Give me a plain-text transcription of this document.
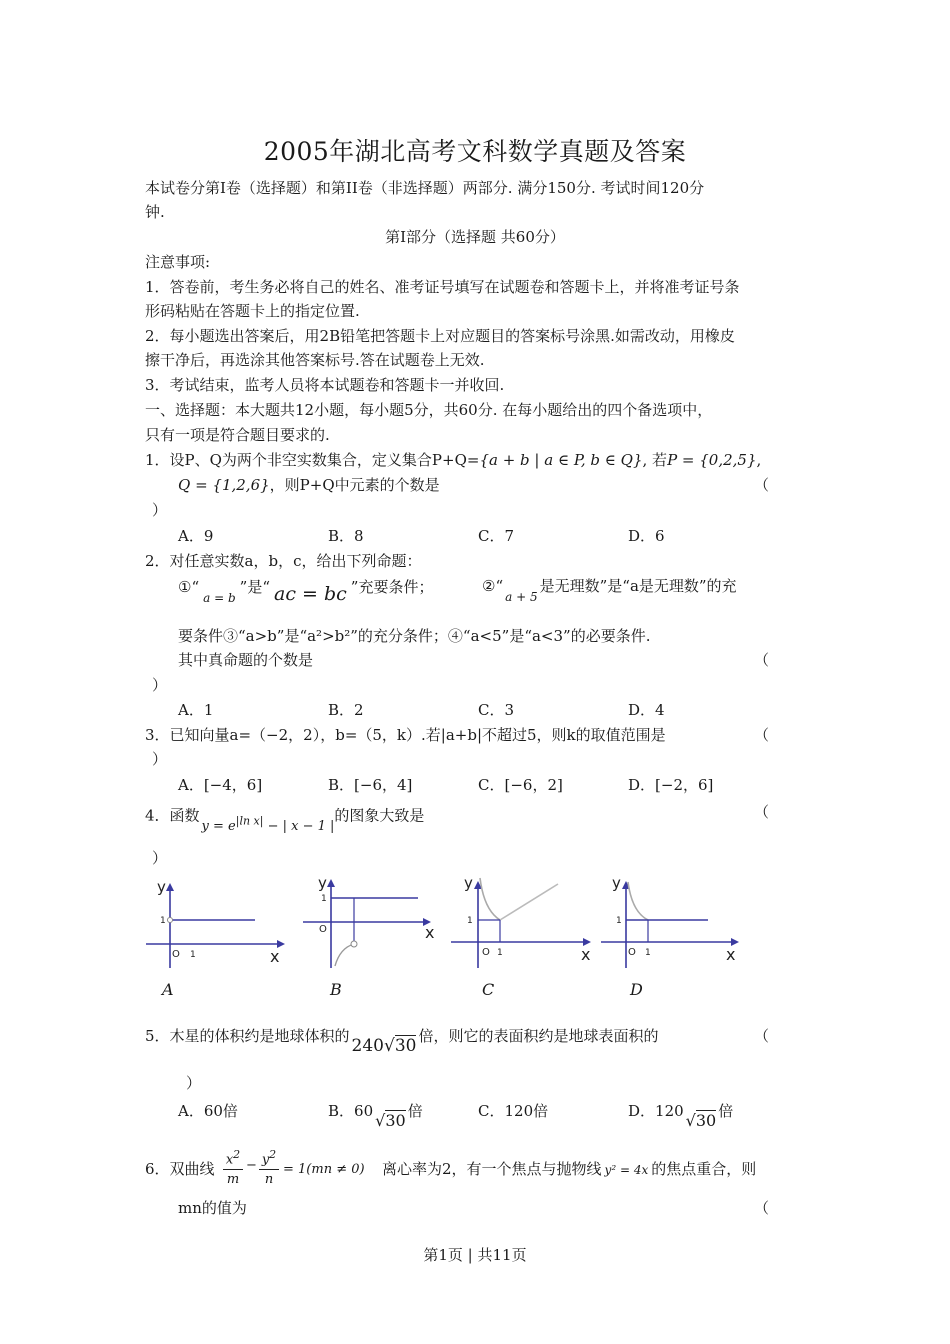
2005年湖北高考文科数学真题及答案
本试卷分第Ⅰ卷（选择题）和第II卷（非选择题）两部分. 满分150分. 考试时间120分
钟.
第Ⅰ部分（选择题 共60分）
注意事项:
1．答卷前，考生务必将自己的姓名、准考证号填写在试题卷和答题卡上，并将准考证号条
形码粘贴在答题卡上的指定位置.
2．每小题选出答案后，用2B铅笔把答题卡上对应题目的答案标号涂黑.如需改动，用橡皮
擦干净后，再选涂其他答案标号.答在试题卷上无效.
3．考试结束，监考人员将本试题卷和答题卡一并收回.
一、选择题：本大题共12小题，每小题5分，共60分. 在每小题给出的四个备选项中，
只有一项是符合题目要求的.
1．设P、Q为两个非空实数集合，定义集合P+Q={a + b | a ∈ P, b ∈ Q}, 若P = {0,2,5},
Q = {1,2,6}，则P+Q中元素的个数是	（
）
A．9	B．8	C．7	D．6
2．对任意实数a，b，c，给出下列命题：
$①“_{a = b}$”是“ ac = bc ”充要条件；	$②“_{a + 5}$是无理数”是“a是无理数”的充
要条件③“a>b”是“a²>b²”的充分条件；④“a<5”是“a<3”的必要条件.
其中真命题的个数是	（
）
A．1	B．2	C．3	D．4
3．已知向量a=（−2，2），b=（5，k）.若|a+b|不超过5，则k的取值范围是	（
）
A．[−4，6]	B．[−6，4]	C．[−6，2]	D．[−2，6]
4．函数$y = e^{|ln x|}$ − | x − 1 |的图象大致是	（
）
y
x
O 1
1
A
y
x
O
1
B
y
x
O 1
1
C
y
x
O 1
1
D
5．木星的体积约是地球体积的 240√30 倍，则它的表面积约是地球表面积的	（
）
A．60倍	B．60 √30 倍	C．120倍	D．120 √30 倍
6．双曲线
$x^2$
m
− $y^2$
n
= 1(mn ≠ 0) 离心率为2，有一个焦点与抛物线 y² = 4x 的焦点重合，则
mn的值为	（
第1页 | 共11页
